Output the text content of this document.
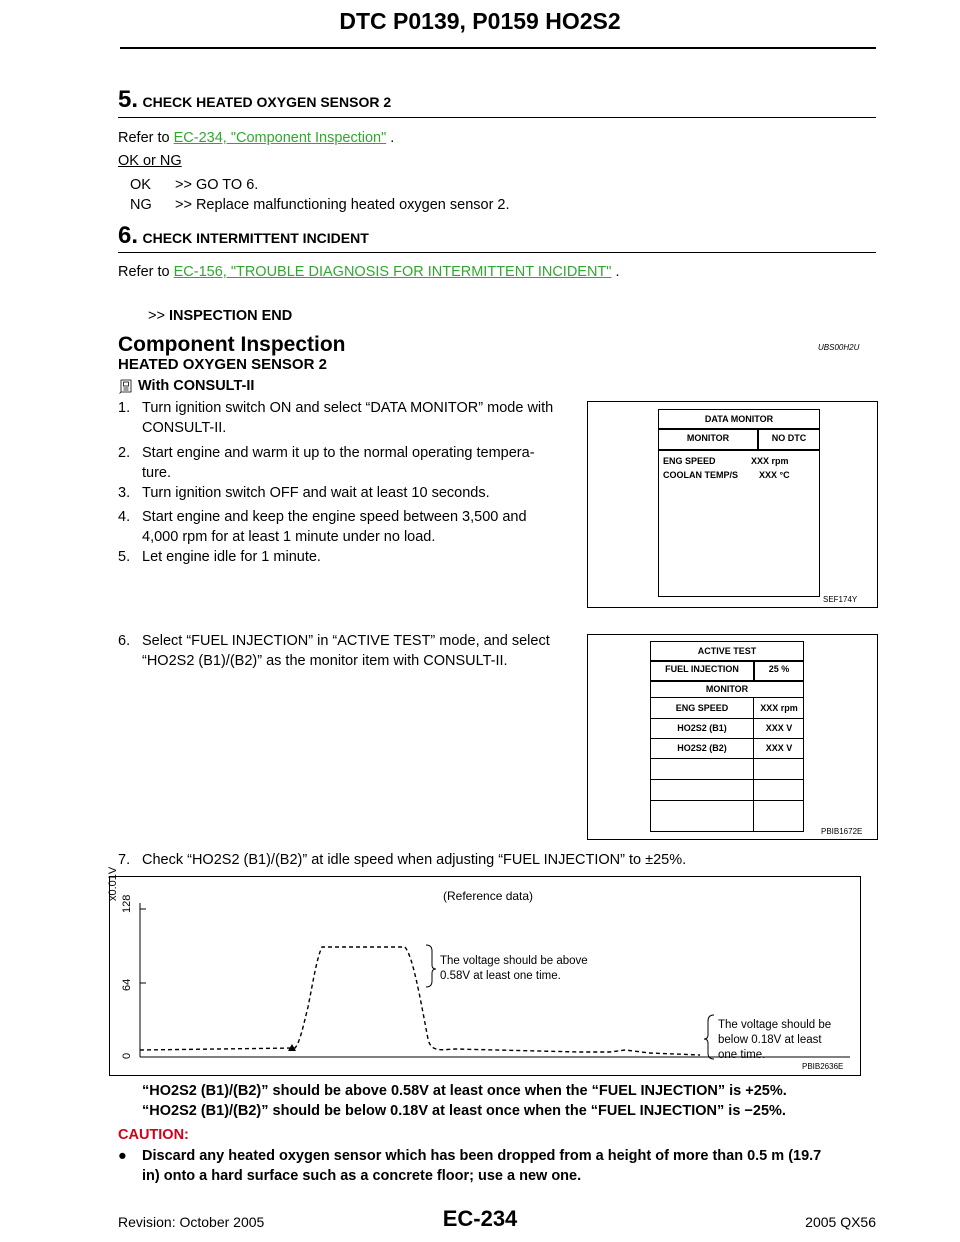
DTC P0139, P0159 HO2S2
5. CHECK HEATED OXYGEN SENSOR 2
Refer to EC-234, "Component Inspection" .
OK or NG
OK >> GO TO 6.
NG >> Replace malfunctioning heated oxygen sensor 2.
6. CHECK INTERMITTENT INCIDENT
Refer to EC-156, "TROUBLE DIAGNOSIS FOR INTERMITTENT INCIDENT" .
>> INSPECTION END
Component Inspection	UBS00H2U
HEATED OXYGEN SENSOR 2
With CONSULT-II
1. Turn ignition switch ON and select “DATA MONITOR” mode with
CONSULT-II.
2. Start engine and warm it up to the normal operating tempera-
ture.
3. Turn ignition switch OFF and wait at least 10 seconds.
4. Start engine and keep the engine speed between 3,500 and
4,000 rpm for at least 1 minute under no load.
5. Let engine idle for 1 minute.
6. Select “FUEL INJECTION” in “ACTIVE TEST” mode, and select
“HO2S2 (B1)/(B2)” as the monitor item with CONSULT-II.
7. Check “HO2S2 (B1)/(B2)” at idle speed when adjusting “FUEL INJECTION” to ±25%.
DATA MONITOR
MONITOR	NO DTC
ENG SPEED	XXX rpm
COOLAN TEMP/S XXX °C
SEF174Y
ACTIVE TEST
FUEL INJECTION	25 %
MONITOR
ENG SPEED	XXX rpm
HO2S2 (B1)	XXX V
HO2S2 (B2)	XXX V
PBIB1672E
(Reference data)
x0.01V
128
64
0
The voltage should be above
0.58V at least one time.
The voltage should be
below 0.18V at least
one time.
PBIB2636E
“HO2S2 (B1)/(B2)” should be above 0.58V at least once when the “FUEL INJECTION” is +25%.
“HO2S2 (B1)/(B2)” should be below 0.18V at least once when the “FUEL INJECTION” is −25%.
CAUTION:
● Discard any heated oxygen sensor which has been dropped from a height of more than 0.5 m (19.7
in) onto a hard surface such as a concrete floor; use a new one.
EC-234
Revision: October 2005	2005 QX56
